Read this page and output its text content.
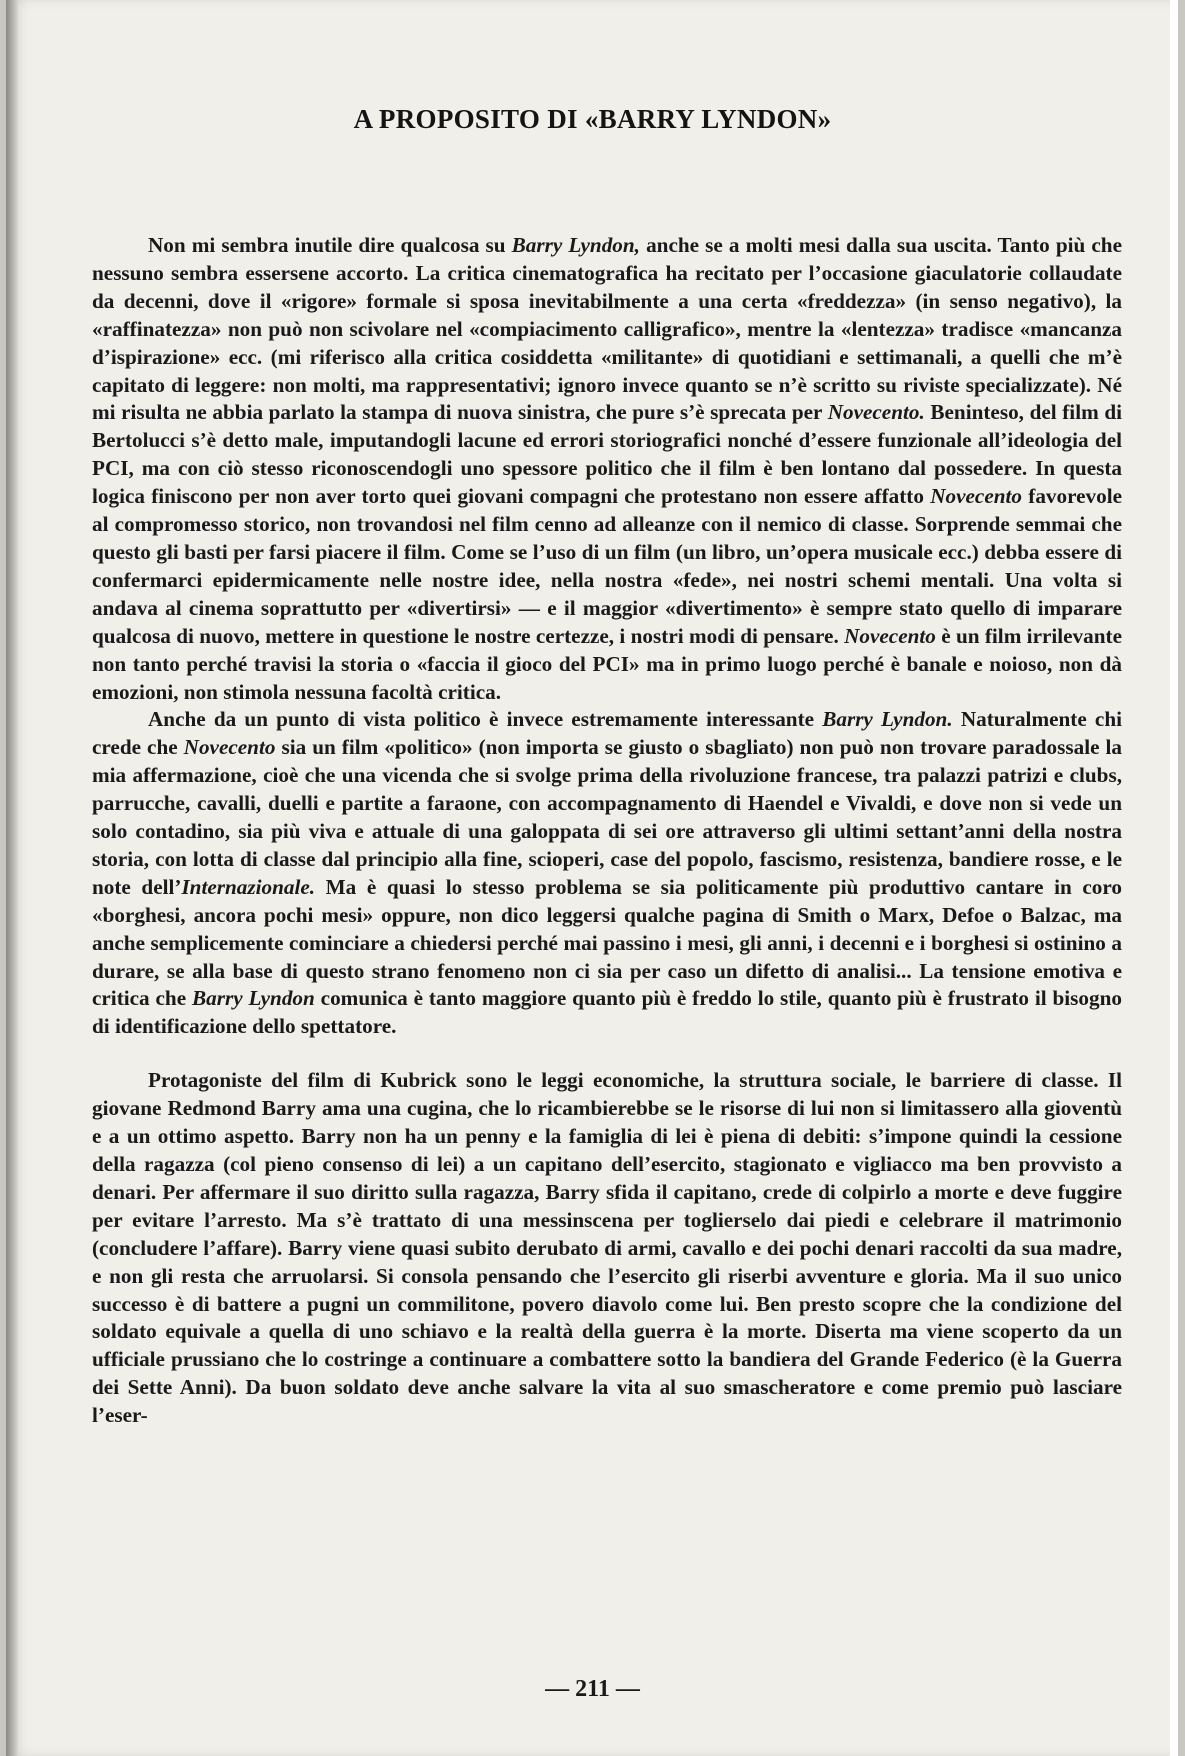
A PROPOSITO DI «BARRY LYNDON»

Non mi sembra inutile dire qualcosa su Barry Lyndon, anche se a molti mesi dalla sua uscita. Tanto più che nessuno sembra essersene accorto. La critica cinematografica ha recitato per l’occasione giaculatorie collaudate da decenni, dove il «rigore» formale si sposa inevitabilmente a una certa «freddezza» (in senso negativo), la «raffinatezza» non può non scivolare nel «compiacimento calligrafico», mentre la «lentezza» tradisce «mancanza d’ispirazione» ecc. (mi riferisco alla critica cosiddetta «militante» di quotidiani e settimanali, a quelli che m’è capitato di leggere: non molti, ma rappresentativi; ignoro invece quanto se n’è scritto su riviste specializzate). Né mi risulta ne abbia parlato la stampa di nuova sinistra, che pure s’è sprecata per Novecento. Beninteso, del film di Bertolucci s’è detto male, imputandogli lacune ed errori storiografici nonché d’essere funzionale all’ideologia del PCI, ma con ciò stesso riconoscendogli uno spessore politico che il film è ben lontano dal possedere. In questa logica finiscono per non aver torto quei giovani compagni che protestano non essere affatto Novecento favorevole al compromesso storico, non trovandosi nel film cenno ad alleanze con il nemico di classe. Sorprende semmai che questo gli basti per farsi piacere il film. Come se l’uso di un film (un libro, un’opera musicale ecc.) debba essere di confermarci epidermicamente nelle nostre idee, nella nostra «fede», nei nostri schemi mentali. Una volta si andava al cinema soprattutto per «divertirsi» — e il maggior «divertimento» è sempre stato quello di imparare qualcosa di nuovo, mettere in questione le nostre certezze, i nostri modi di pensare. Novecento è un film irrilevante non tanto perché travisi la storia o «faccia il gioco del PCI» ma in primo luogo perché è banale e noioso, non dà emozioni, non stimola nessuna facoltà critica.

Anche da un punto di vista politico è invece estremamente interessante Barry Lyndon. Naturalmente chi crede che Novecento sia un film «politico» (non importa se giusto o sbagliato) non può non trovare paradossale la mia affermazione, cioè che una vicenda che si svolge prima della rivoluzione francese, tra palazzi patrizi e clubs, parrucche, cavalli, duelli e partite a faraone, con accompagnamento di Haendel e Vivaldi, e dove non si vede un solo contadino, sia più viva e attuale di una galoppata di sei ore attraverso gli ultimi settant’anni della nostra storia, con lotta di classe dal principio alla fine, scioperi, case del popolo, fascismo, resistenza, bandiere rosse, e le note dell’Internazionale. Ma è quasi lo stesso problema se sia politicamente più produttivo cantare in coro «borghesi, ancora pochi mesi» oppure, non dico leggersi qualche pagina di Smith o Marx, Defoe o Balzac, ma anche semplicemente cominciare a chiedersi perché mai passino i mesi, gli anni, i decenni e i borghesi si ostinino a durare, se alla base di questo strano fenomeno non ci sia per caso un difetto di analisi... La tensione emotiva e critica che Barry Lyndon comunica è tanto maggiore quanto più è freddo lo stile, quanto più è frustrato il bisogno di identificazione dello spettatore.

Protagoniste del film di Kubrick sono le leggi economiche, la struttura sociale, le barriere di classe. Il giovane Redmond Barry ama una cugina, che lo ricambierebbe se le risorse di lui non si limitassero alla gioventù e a un ottimo aspetto. Barry non ha un penny e la famiglia di lei è piena di debiti: s’impone quindi la cessione della ragazza (col pieno consenso di lei) a un capitano dell’esercito, stagionato e vigliacco ma ben provvisto a denari. Per affermare il suo diritto sulla ragazza, Barry sfida il capitano, crede di colpirlo a morte e deve fuggire per evitare l’arresto. Ma s’è trattato di una messinscena per toglierselo dai piedi e celebrare il matrimonio (concludere l’affare). Barry viene quasi subito derubato di armi, cavallo e dei pochi denari raccolti da sua madre, e non gli resta che arruolarsi. Si consola pensando che l’esercito gli riserbi avventure e gloria. Ma il suo unico successo è di battere a pugni un commilitone, povero diavolo come lui. Ben presto scopre che la condizione del soldato equivale a quella di uno schiavo e la realtà della guerra è la morte. Diserta ma viene scoperto da un ufficiale prussiano che lo costringe a continuare a combattere sotto la bandiera del Grande Federico (è la Guerra dei Sette Anni). Da buon soldato deve anche salvare la vita al suo smascheratore e come premio può lasciare l’eser-

— 211 —
